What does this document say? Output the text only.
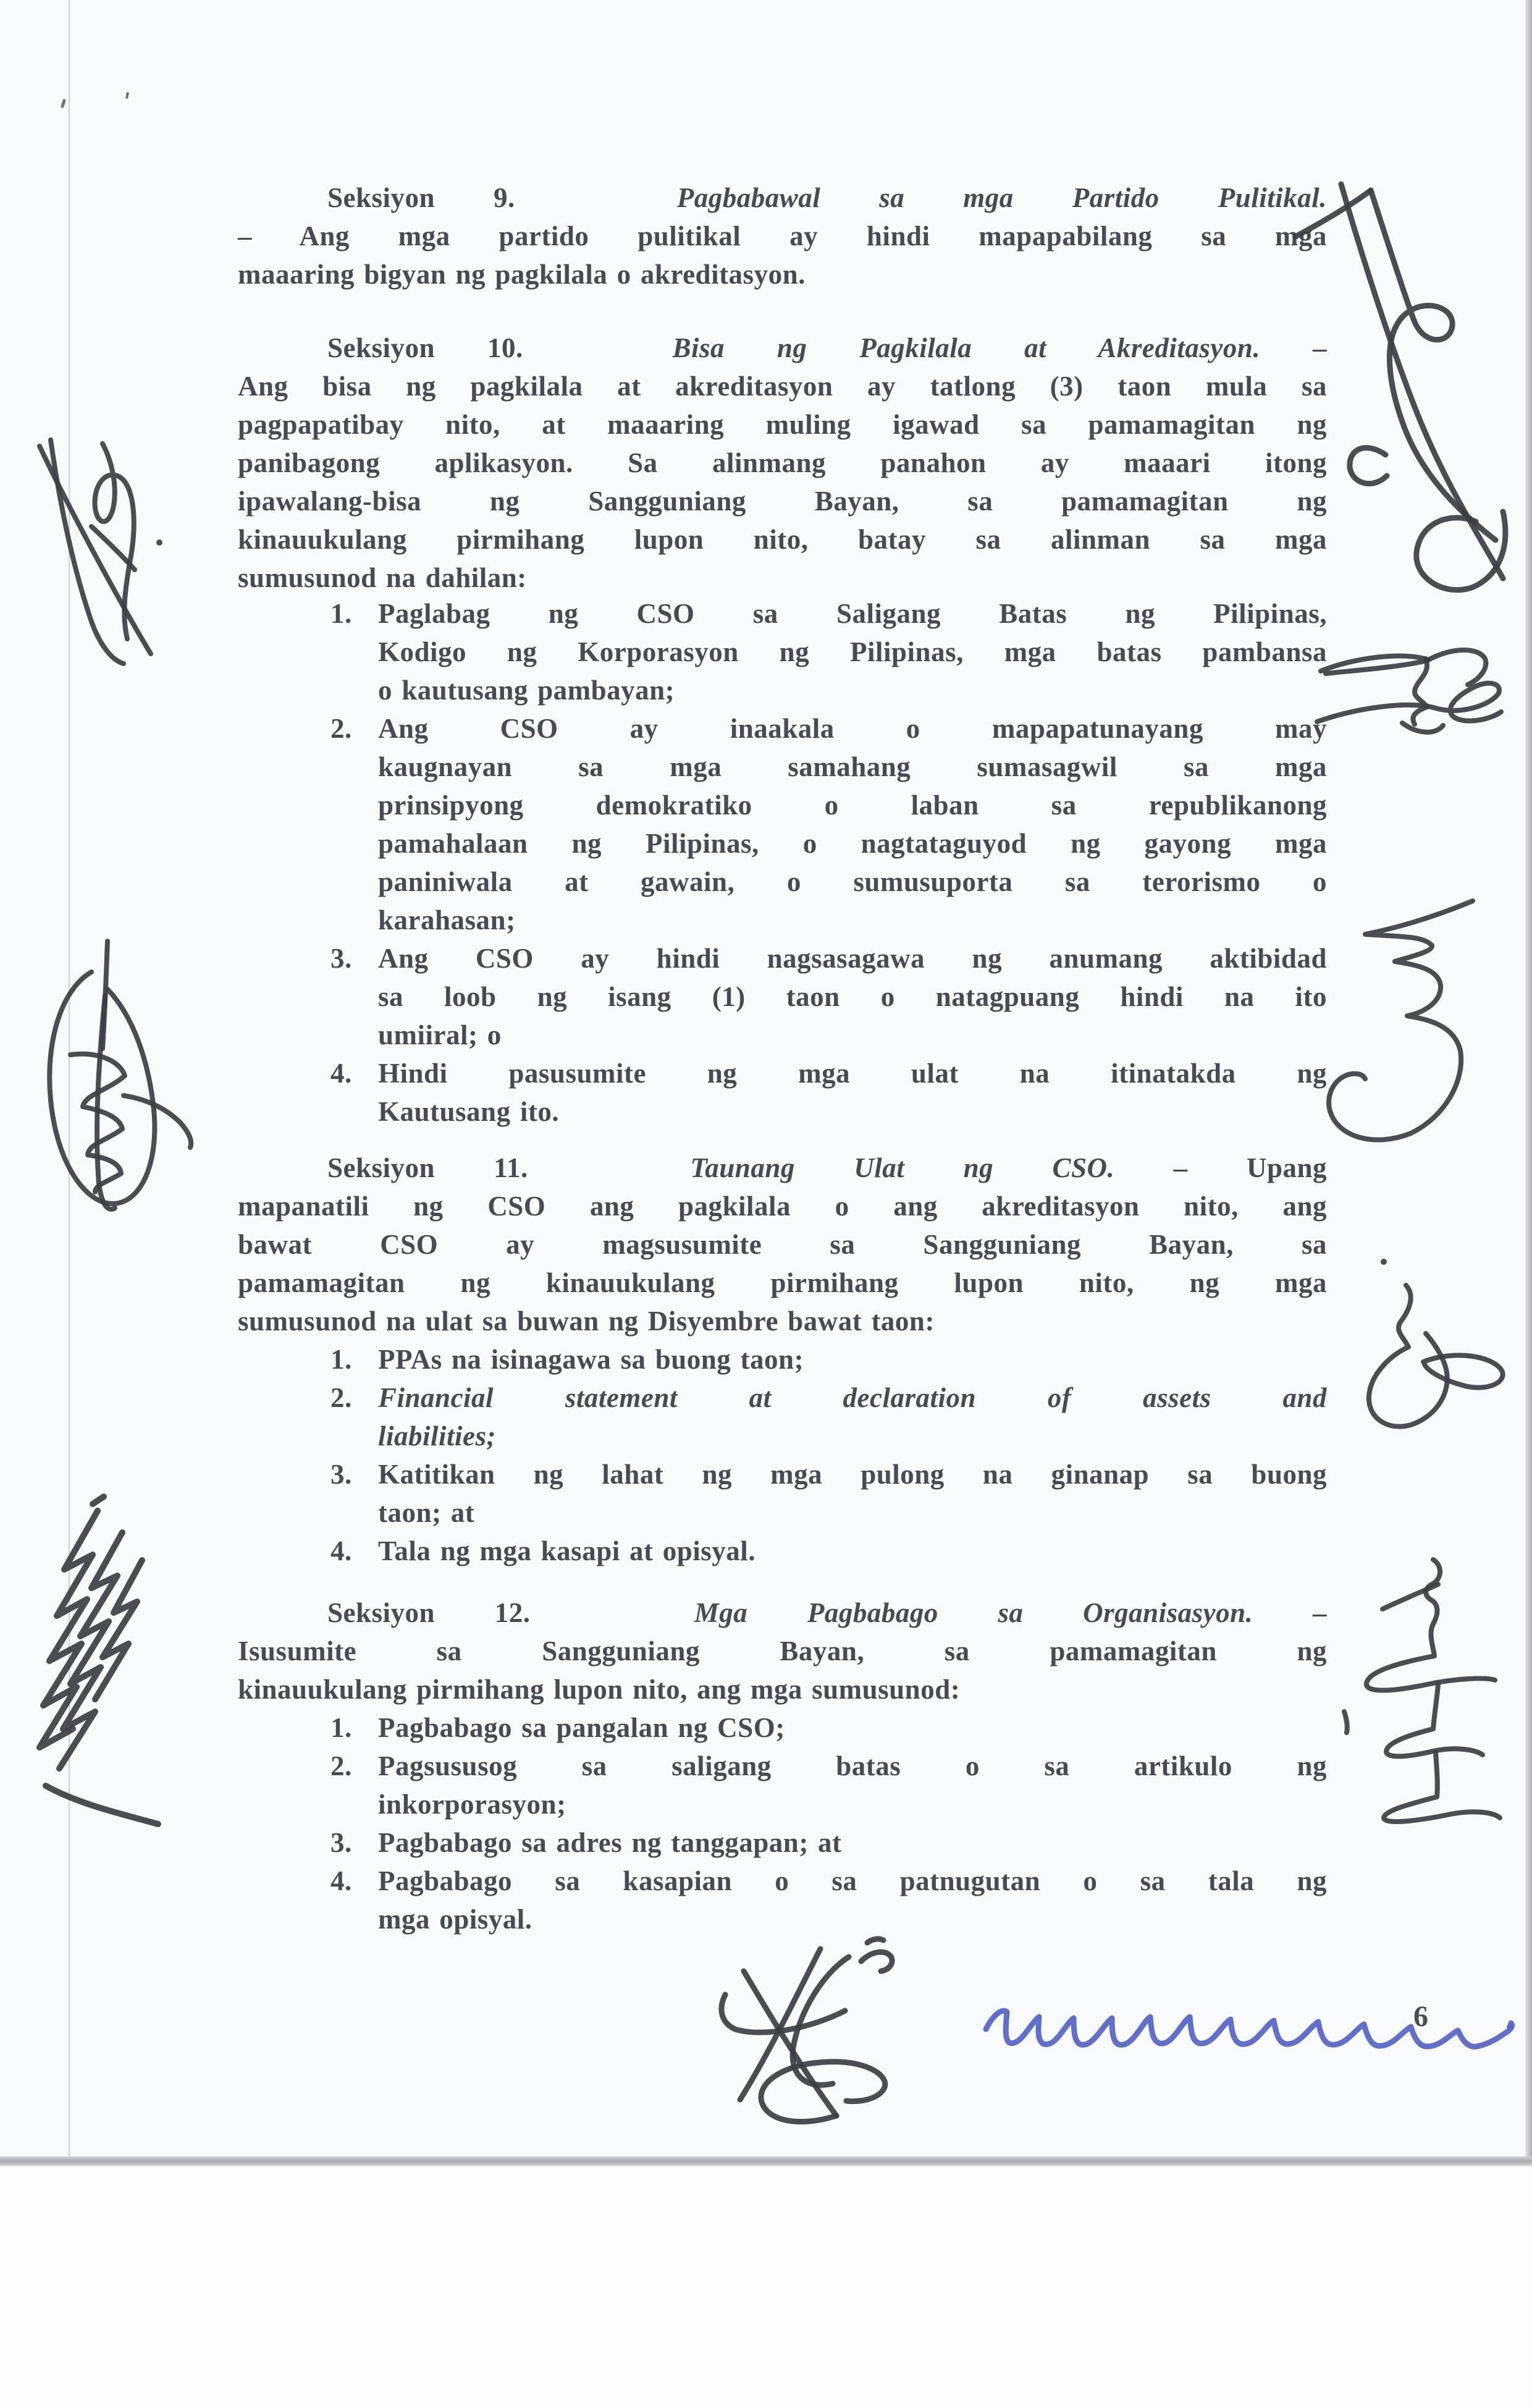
Seksiyon 9.	Pagbabawal sa mga Partido Pulitikal.
– Ang mga partido pulitikal ay hindi mapapabilang sa mga
maaaring bigyan ng pagkilala o akreditasyon.
Seksiyon 10.	Bisa ng Pagkilala at Akreditasyon. –
Ang bisa ng pagkilala at akreditasyon ay tatlong (3) taon mula sa
pagpapatibay nito, at maaaring muling igawad sa pamamagitan ng
panibagong aplikasyon. Sa alinmang panahon ay maaari itong
ipawalang-bisa ng Sangguniang Bayan, sa pamamagitan ng
kinauukulang pirmihang lupon nito, batay sa alinman sa mga
sumusunod na dahilan:
1. Paglabag ng CSO sa Saligang Batas ng Pilipinas,
Kodigo ng Korporasyon ng Pilipinas, mga batas pambansa
o kautusang pambayan;
2. Ang CSO ay inaakala o mapapatunayang may
kaugnayan sa mga samahang sumasagwil sa mga
prinsipyong demokratiko o laban sa republikanong
pamahalaan ng Pilipinas, o nagtataguyod ng gayong mga
paniniwala at gawain, o sumusuporta sa terorismo o
karahasan;
3. Ang CSO ay hindi nagsasagawa ng anumang aktibidad
sa loob ng isang (1) taon o natagpuang hindi na ito
umiiral; o
4. Hindi pasusumite ng mga ulat na itinatakda ng
Kautusang ito.
Seksiyon 11.	Taunang Ulat ng CSO. – Upang
mapanatili ng CSO ang pagkilala o ang akreditasyon nito, ang
bawat CSO ay magsusumite sa Sangguniang Bayan, sa
pamamagitan ng kinauukulang pirmihang lupon nito, ng mga
sumusunod na ulat sa buwan ng Disyembre bawat taon:
1. PPAs na isinagawa sa buong taon;
2. Financial statement at declaration of assets and
liabilities;
3. Katitikan ng lahat ng mga pulong na ginanap sa buong
taon; at
4. Tala ng mga kasapi at opisyal.
Seksiyon 12.	Mga Pagbabago sa Organisasyon. –
Isusumite sa Sangguniang Bayan, sa pamamagitan ng
kinauukulang pirmihang lupon nito, ang mga sumusunod:
1. Pagbabago sa pangalan ng CSO;
2. Pagsususog sa saligang batas o sa artikulo ng
inkorporasyon;
3. Pagbabago sa adres ng tanggapan; at
4. Pagbabago sa kasapian o sa patnugutan o sa tala ng
mga opisyal.
6
